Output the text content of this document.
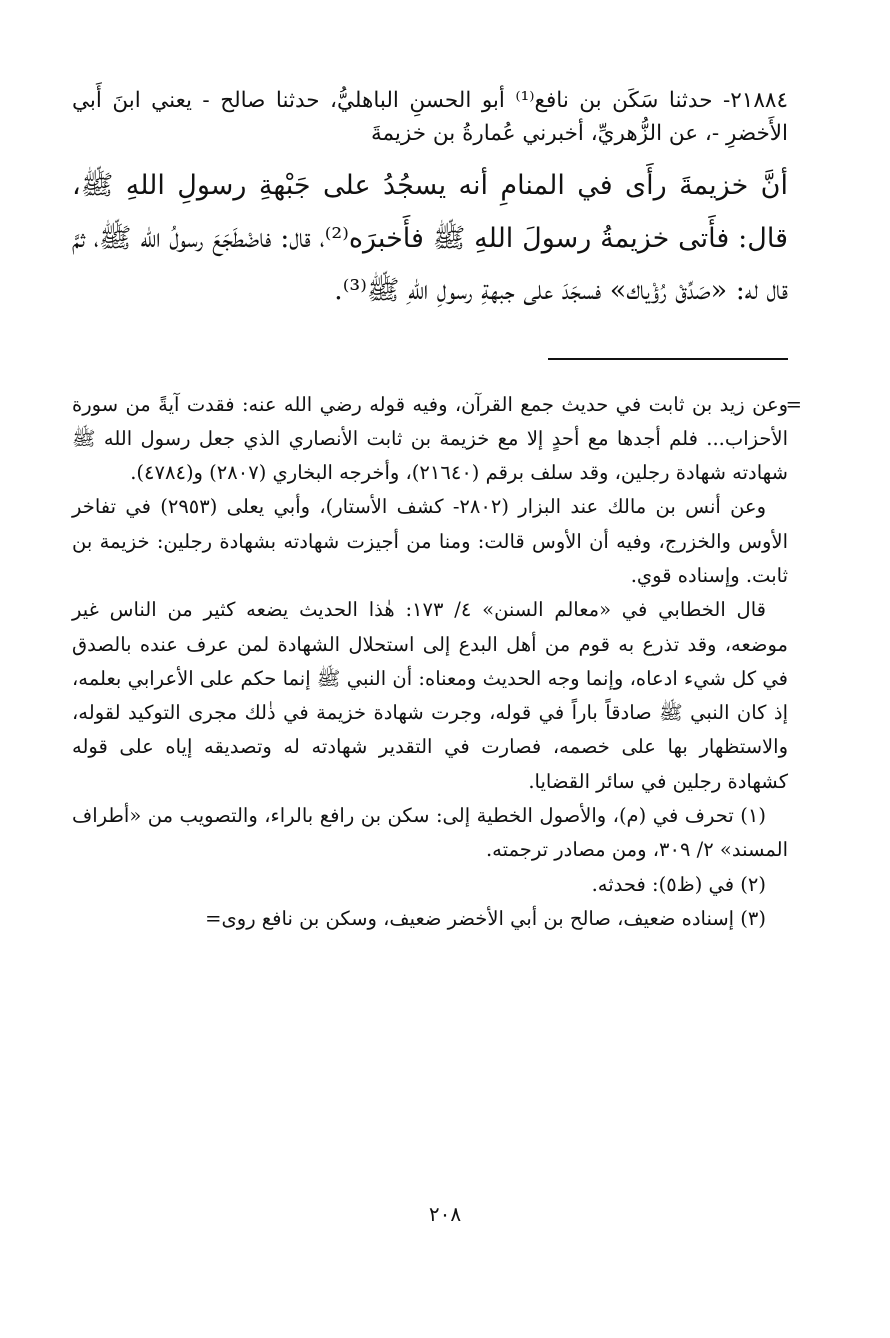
٢١٨٨٤- حدثنا سَكَن بن نافع⁽¹⁾ أبو الحسنِ الباهليُّ، حدثنا صالح - يعني ابنَ أَبي الأَخضرِ -، عن الزُّهريِّ، أخبرني عُمارةُ بن خزيمةَ

أنَّ خزيمةَ رأَى في المنامِ أنه يسجُدُ على جَبْهةِ رسولِ اللهِ ﷺ، قال: فأَتى خزيمةُ رسولَ اللهِ ﷺ فأَخبرَه⁽²⁾، قال: فاضْطَجَعَ رسولُ الله ﷺ، ثمَّ قال له: «صَدِّقْ رُؤْياك» فسجَدَ على جبهةِ رسولِ اللهِ ﷺ⁽³⁾.

=

وعن زيد بن ثابت في حديث جمع القرآن، وفيه قوله رضي الله عنه: فقدت آيةً من سورة الأحزاب... فلم أجدها مع أحدٍ إلا مع خزيمة بن ثابت الأنصاري الذي جعل رسول الله ﷺ شهادته شهادة رجلين، وقد سلف برقم (٢١٦٤٠)، وأخرجه البخاري (٢٨٠٧) و(٤٧٨٤).

وعن أنس بن مالك عند البزار (٢٨٠٢- كشف الأستار)، وأبي يعلى (٢٩٥٣) في تفاخر الأوس والخزرج، وفيه أن الأوس قالت: ومنا من أجيزت شهادته بشهادة رجلين: خزيمة بن ثابت. وإسناده قوي.

قال الخطابي في «معالم السنن» ٤/ ١٧٣: هٰذا الحديث يضعه كثير من الناس غير موضعه، وقد تذرع به قوم من أهل البدع إلى استحلال الشهادة لمن عرف عنده بالصدق في كل شيء ادعاه، وإنما وجه الحديث ومعناه: أن النبي ﷺ إنما حكم على الأعرابي بعلمه، إذ كان النبي ﷺ صادقاً باراً في قوله، وجرت شهادة خزيمة في ذٰلك مجرى التوكيد لقوله، والاستظهار بها على خصمه، فصارت في التقدير شهادته له وتصديقه إياه على قوله كشهادة رجلين في سائر القضايا.

(١) تحرف في (م)، والأصول الخطية إلى: سكن بن رافع بالراء، والتصويب من «أطراف المسند» ٢/ ٣٠٩، ومن مصادر ترجمته.

(٢) في (ظ٥): فحدثه.

(٣) إسناده ضعيف، صالح بن أبي الأخضر ضعيف، وسكن بن نافع روى=

٢٠٨
